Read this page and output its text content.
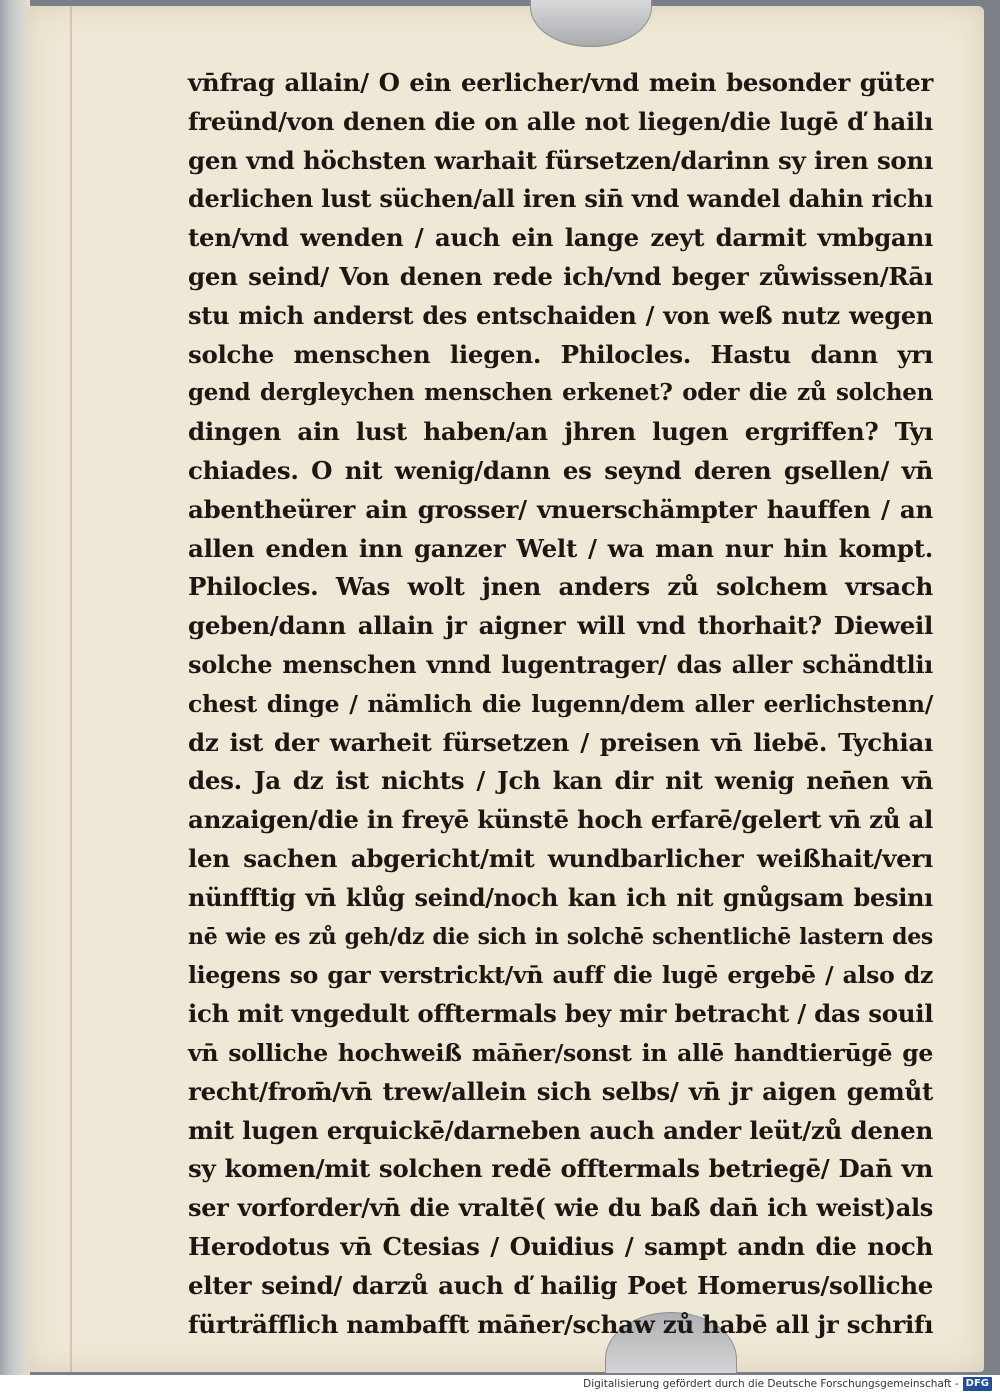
vn̄frag allain/ O ein eerlicher/vnd mein besonder güter
freünd/von denen die on alle not liegen/die lugē ď hailı
gen vnd höchsten warhait fürsetzen/darinn sy iren sonı
derlichen lust süchen/all iren sin̄ vnd wandel dahin richı
ten/vnd wenden / auch ein lange zeyt darmit vmbganı
gen seind/ Von denen rede ich/vnd beger zůwissen/Rāı
stu mich anderst des entschaiden / von weß nutz wegen
solche menschen liegen. Philocles. Hastu dann yrı
gend dergleychen menschen erkenet? oder die zů solchen
dingen ain lust haben/an jhren lugen ergriffen? Tyı
chiades. O nit wenig/dann es seynd deren gsellen/ vn̄
abentheürer ain grosser/ vnuerschämpter hauffen / an
allen enden inn ganzer Welt / wa man nur hin kompt.
Philocles. Was wolt jnen anders zů solchem vrsach
geben/dann allain jr aigner will vnd thorhait? Dieweil
solche menschen vnnd lugentrager/ das aller schändtliı
chest dinge / nämlich die lugenn/dem aller eerlichstenn/
dz ist der warheit fürsetzen / preisen vn̄ liebē. Tychiaı
des. Ja dz ist nichts / Jch kan dir nit wenig nen̄en vn̄
anzaigen/die in freyē künstē hoch erfarē/gelert vn̄ zů al
len sachen abgericht/mit wundbarlicher weißhait/verı
nünfftig vn̄ klůg seind/noch kan ich nit gnůgsam besinı
nē wie es zů geh/dz die sich in solchē schentlichē lastern des
liegens so gar verstrickt/vn̄ auff die lugē ergebē / also dz
ich mit vngedult offtermals bey mir betracht / das souil
vn̄ solliche hochweiß mān̄er/sonst in allē handtierūgē ge
recht/from̄/vn̄ trew/allein sich selbs/ vn̄ jr aigen gemůt
mit lugen erquickē/darneben auch ander leüt/zů denen
sy komen/mit solchen redē offtermals betriegē/ Dan̄ vn
ser vorforder/vn̄ die vraltē( wie du baß dan̄ ich weist)als
Herodotus vn̄ Ctesias / Ouidius / sampt andn die noch
elter seind/ darzů auch ď hailig Poet Homerus/solliche
fürträfflich nambafft mān̄er/schaw zů habē all jr schrifı
Digitalisierung gefördert durch die Deutsche Forschungsgemeinschaft - DFG
